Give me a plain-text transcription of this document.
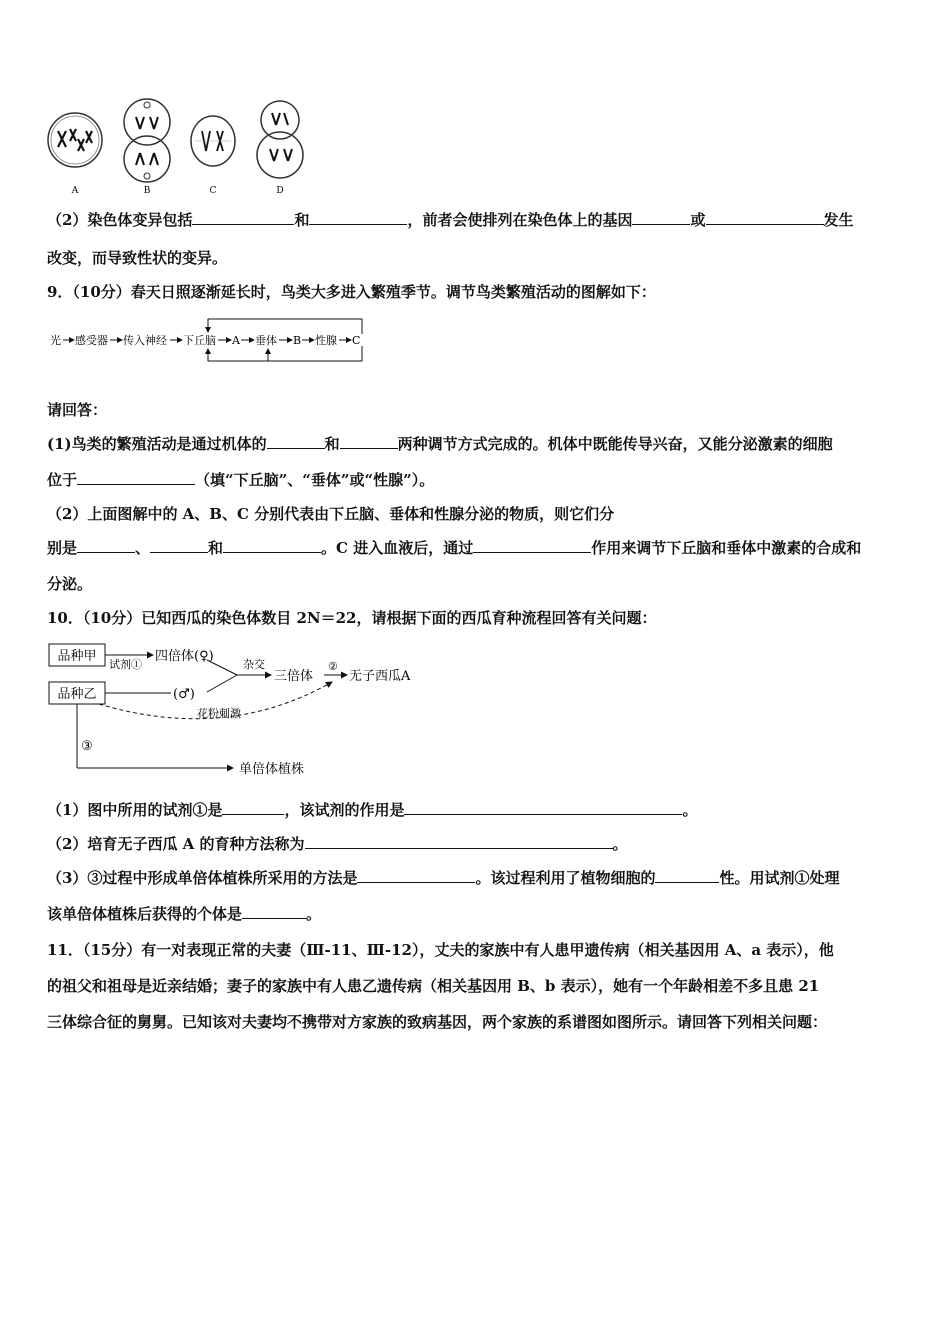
A	B	C	D
（2）染色体变异包括	和	，前者会使排列在染色体上的基因	或	发生
改变，而导致性状的变异。
9．（10分）春天日照逐渐延长时，鸟类大多进入繁殖季节。调节鸟类繁殖活动的图解如下：
光 感受器 传入神经 下丘脑 A 垂体 B 性腺 C
请回答：
(1)鸟类的繁殖活动是通过机体的	和	两种调节方式完成的。机体中既能传导兴奋，又能分泌激素的细胞
位于	（填“下丘脑”、“垂体”或“性腺”）。
（2）上面图解中的 A、B、C 分别代表由下丘脑、垂体和性腺分泌的物质，则它们分
别是	、	和	。C 进入血液后，通过	作用来调节下丘脑和垂体中激素的合成和
分泌。
10．（10分）已知西瓜的染色体数目 2N＝22，请根据下面的西瓜育种流程回答有关问题：
品种甲
品种乙
试剂①
四倍体(♀)
(♂)
杂交
三倍体
②
无子西瓜A
花粉刺激
③
单倍体植株
（1）图中所用的试剂①是	，该试剂的作用是	。
（2）培育无子西瓜 A 的育种方法称为	。
（3）③过程中形成单倍体植株所采用的方法是	。该过程利用了植物细胞的	性。用试剂①处理
该单倍体植株后获得的个体是	。
11．（15分）有一对表现正常的夫妻（Ⅲ-11、Ⅲ-12），丈夫的家族中有人患甲遗传病（相关基因用 A、a 表示），他
的祖父和祖母是近亲结婚；妻子的家族中有人患乙遗传病（相关基因用 B、b 表示），她有一个年龄相差不多且患 21
三体综合征的舅舅。已知该对夫妻均不携带对方家族的致病基因，两个家族的系谱图如图所示。请回答下列相关问题：
